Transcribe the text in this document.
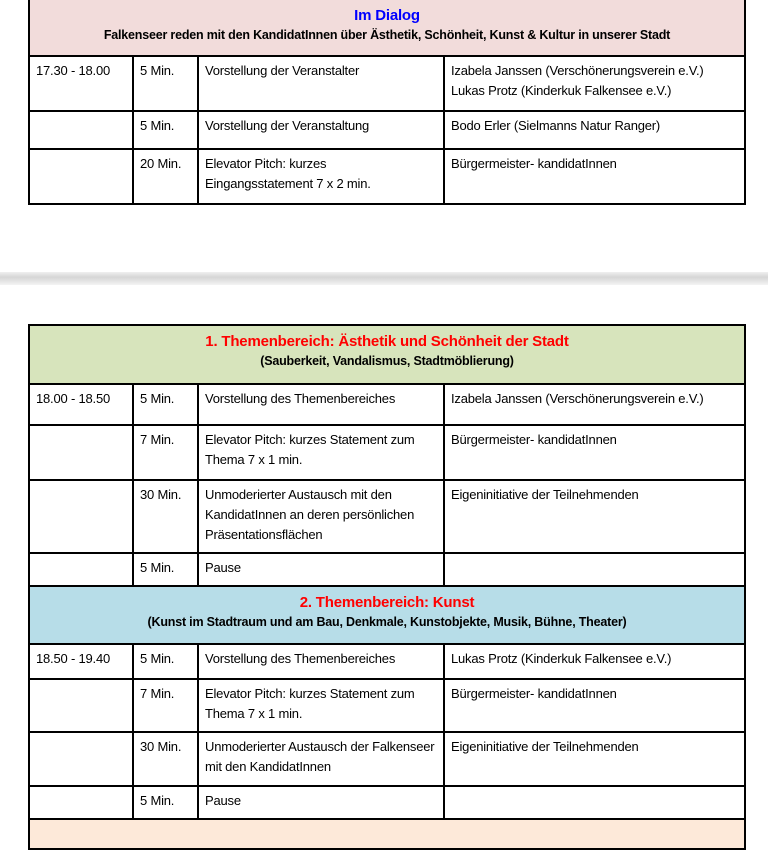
Im Dialog
Falkenseer reden mit den KandidatInnen über Ästhetik, Schönheit, Kunst & Kultur in unserer Stadt			

17.30 - 18.00	5 Min.	Vorstellung der Veranstalter	Izabela Janssen (Verschönerungsverein e.V.)
Lukas Protz (Kinderkuk Falkensee e.V.)
	5 Min.	Vorstellung der Veranstaltung	Bodo Erler (Sielmanns Natur Ranger)
	20 Min.	Elevator Pitch: kurzes Eingangsstatement 7 x 2 min.	Bürgermeister- kandidatInnen
1. Themenbereich: Ästhetik und Schönheit der Stadt
(Sauberkeit, Vandalismus, Stadtmöblierung)			

18.00 - 18.50	5 Min.	Vorstellung des Themenbereiches	Izabela Janssen (Verschönerungsverein e.V.)
	7 Min.	Elevator Pitch: kurzes Statement zum Thema 7 x 1 min.	Bürgermeister- kandidatInnen
	30 Min.	Unmoderierter Austausch mit den KandidatInnen an deren persönlichen Präsentationsflächen	Eigeninitiative der Teilnehmenden
	5 Min.	Pause	

2. Themenbereich: Kunst
(Kunst im Stadtraum und am Bau, Denkmale, Kunstobjekte, Musik, Bühne, Theater)			

18.50 - 19.40	5 Min.	Vorstellung des Themenbereiches	Lukas Protz (Kinderkuk Falkensee e.V.)
	7 Min.	Elevator Pitch: kurzes Statement zum Thema 7 x 1 min.	Bürgermeister- kandidatInnen
	30 Min.	Unmoderierter Austausch der Falkenseer mit den KandidatInnen	Eigeninitiative der Teilnehmenden
	5 Min.	Pause	
